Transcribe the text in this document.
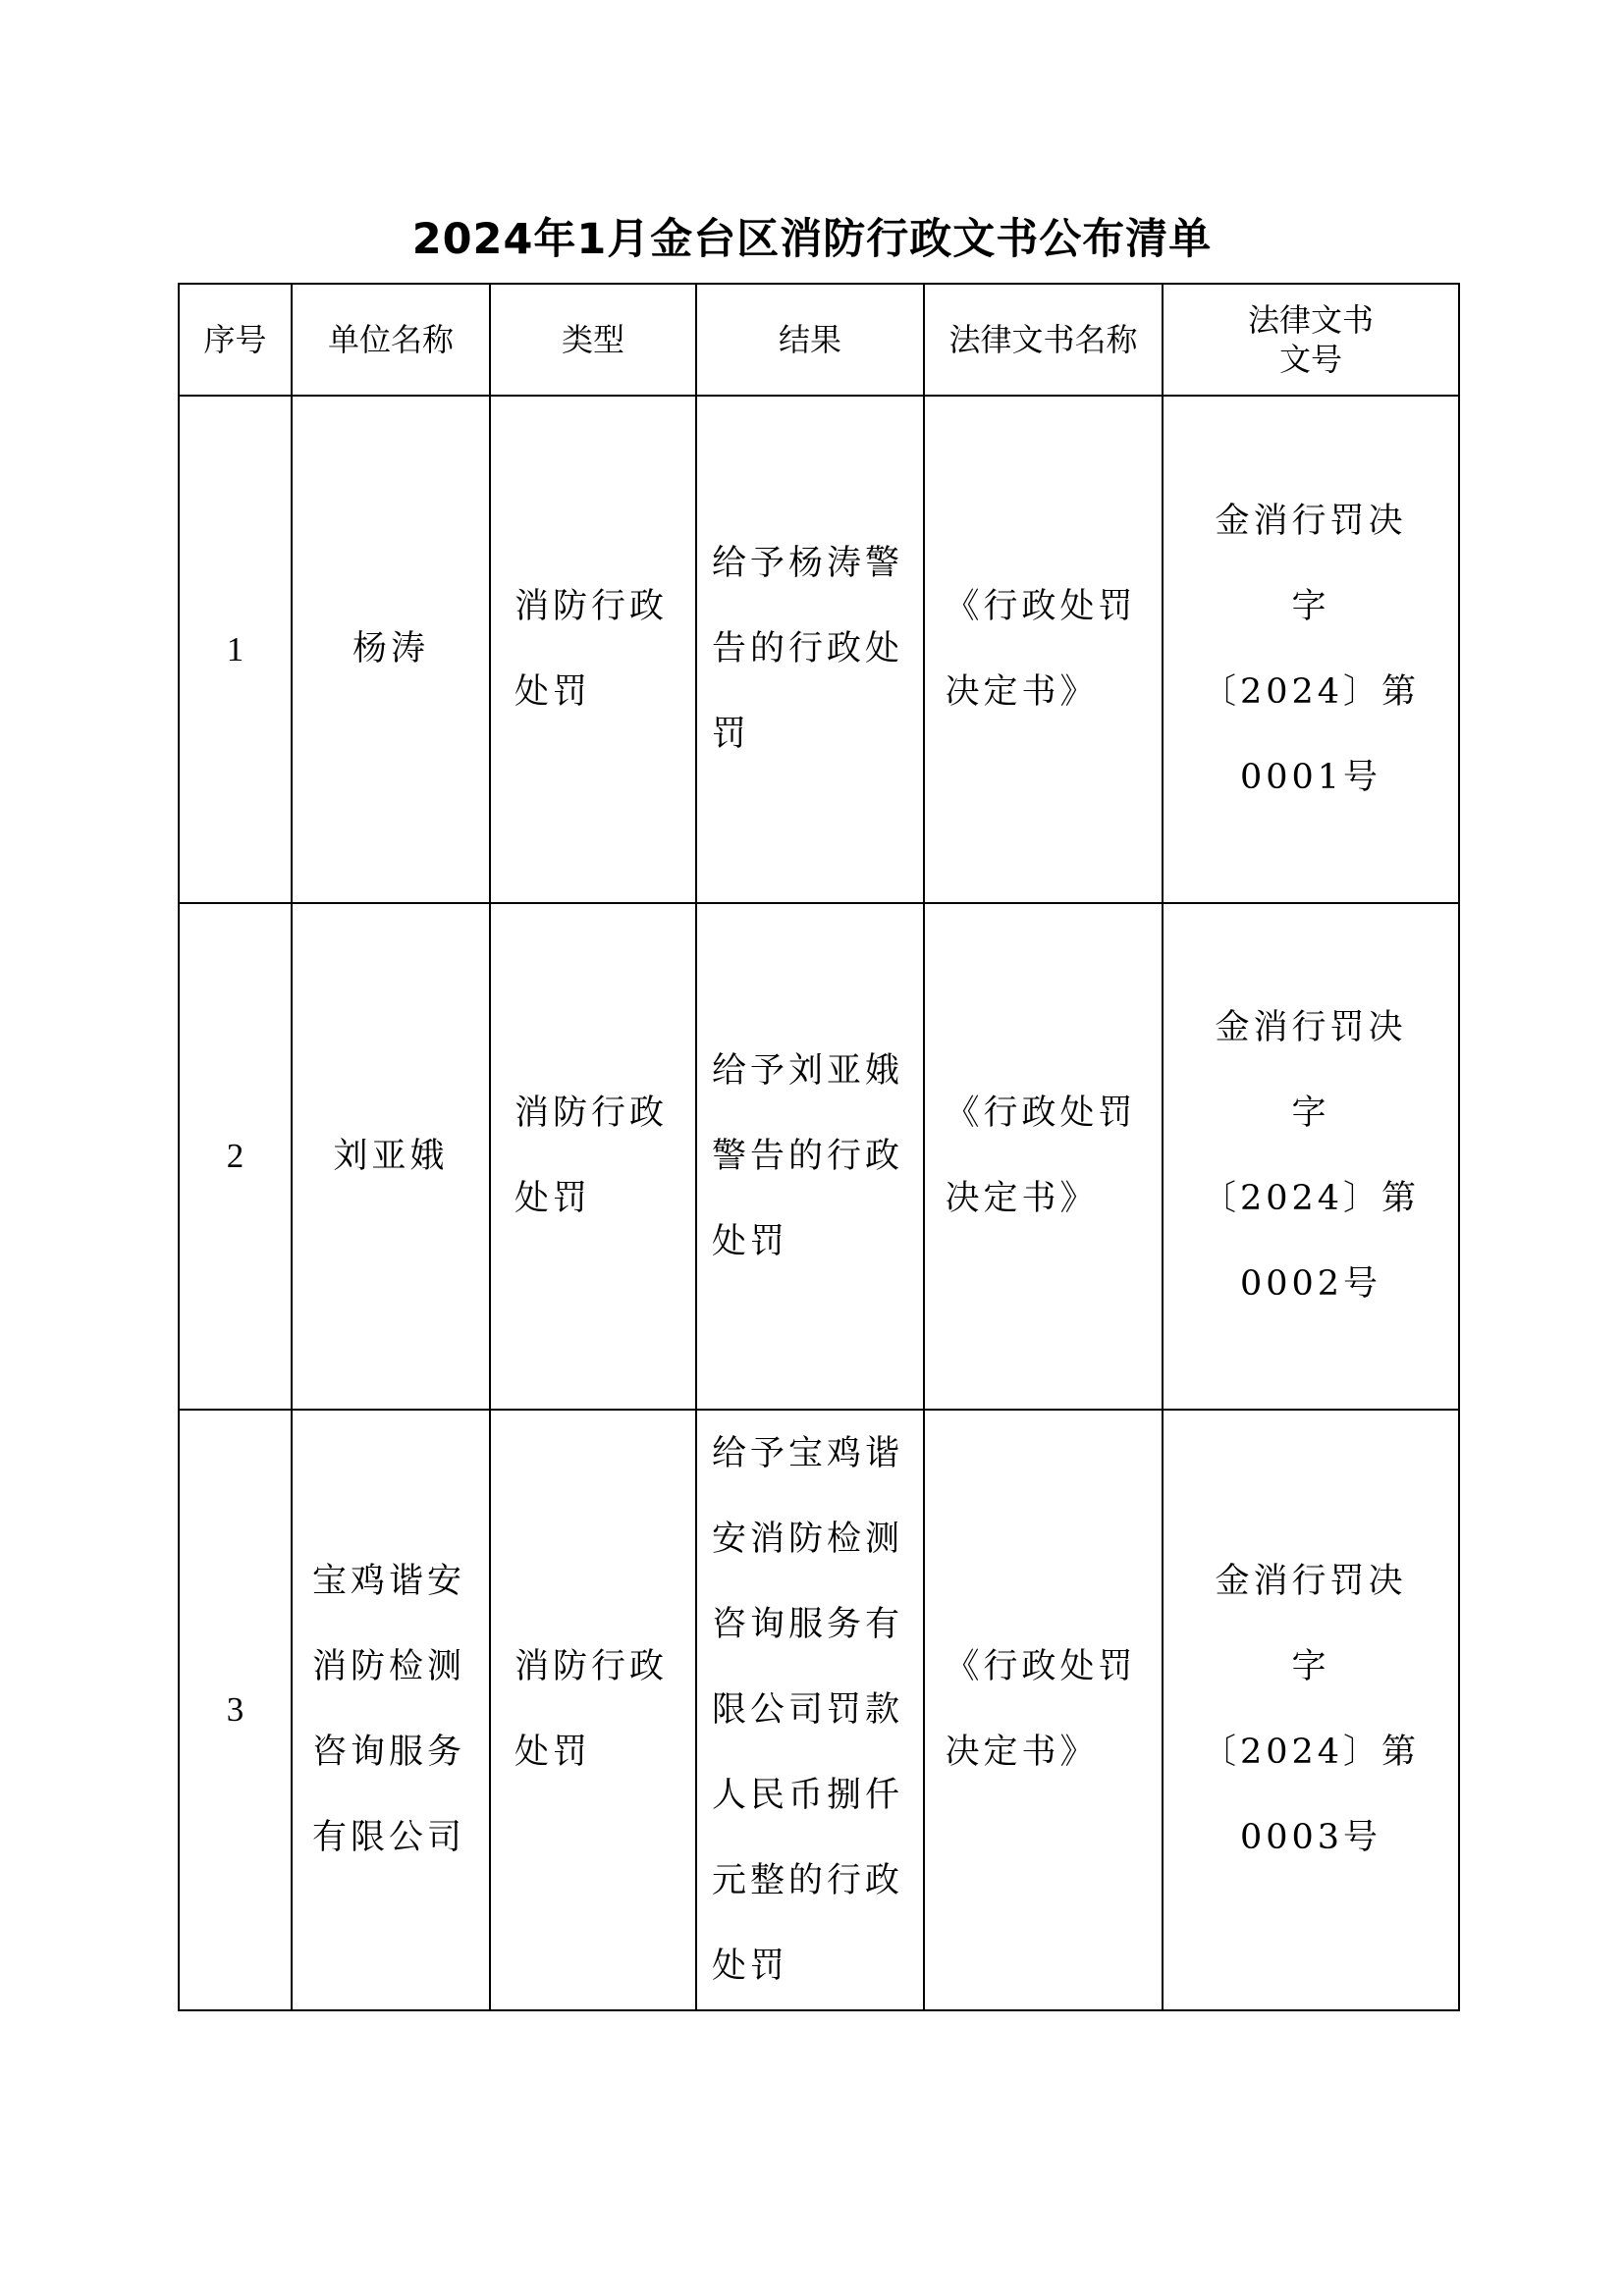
2024年1月金台区消防行政文书公布清单
序号	单位名称	类型	结果	法律文书名称	法律文书
文号
1	杨涛	消防行政处罚	给予杨涛警告的行政处罚	《行政处罚决定书》	金消行罚决字
〔2024〕第
0001号
2	刘亚娥	消防行政处罚	给予刘亚娥警告的行政处罚	《行政处罚决定书》	金消行罚决字
〔2024〕第
0002号
3	宝鸡谐安消防检测咨询服务有限公司	消防行政处罚	给予宝鸡谐安消防检测咨询服务有限公司罚款人民币捌仟元整的行政处罚	《行政处罚决定书》	金消行罚决字
〔2024〕第
0003号
